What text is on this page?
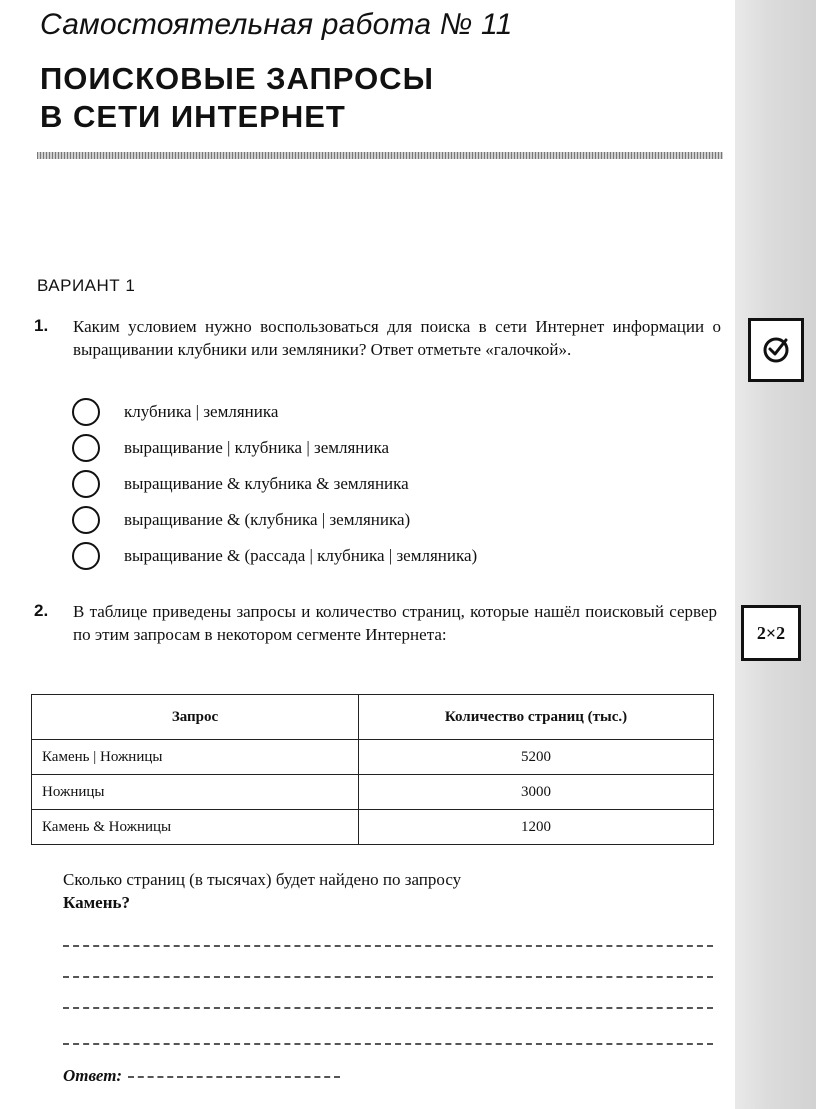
Самостоятельная работа № 11
ПОИСКОВЫЕ ЗАПРОСЫ
В СЕТИ ИНТЕРНЕТ
ВАРИАНТ 1
1. Каким условием нужно воспользоваться для поиска в сети Интернет информации о выращивании клубники или земляники? Ответ отметьте «галочкой».
клубника | земляника
выращивание | клубника | земляника
выращивание & клубника & земляника
выращивание & (клубника | земляника)
выращивание & (рассада | клубника | земляника)
2. В таблице приведены запросы и количество страниц, которые нашёл поисковый сервер по этим запросам в некотором сегменте Интернета:	2×2
Запрос	Количество страниц (тыс.)
Камень | Ножницы	5200
Ножницы	3000
Камень & Ножницы	1200
Сколько страниц (в тысячах) будет найдено по запросу
Камень?
Ответ:
